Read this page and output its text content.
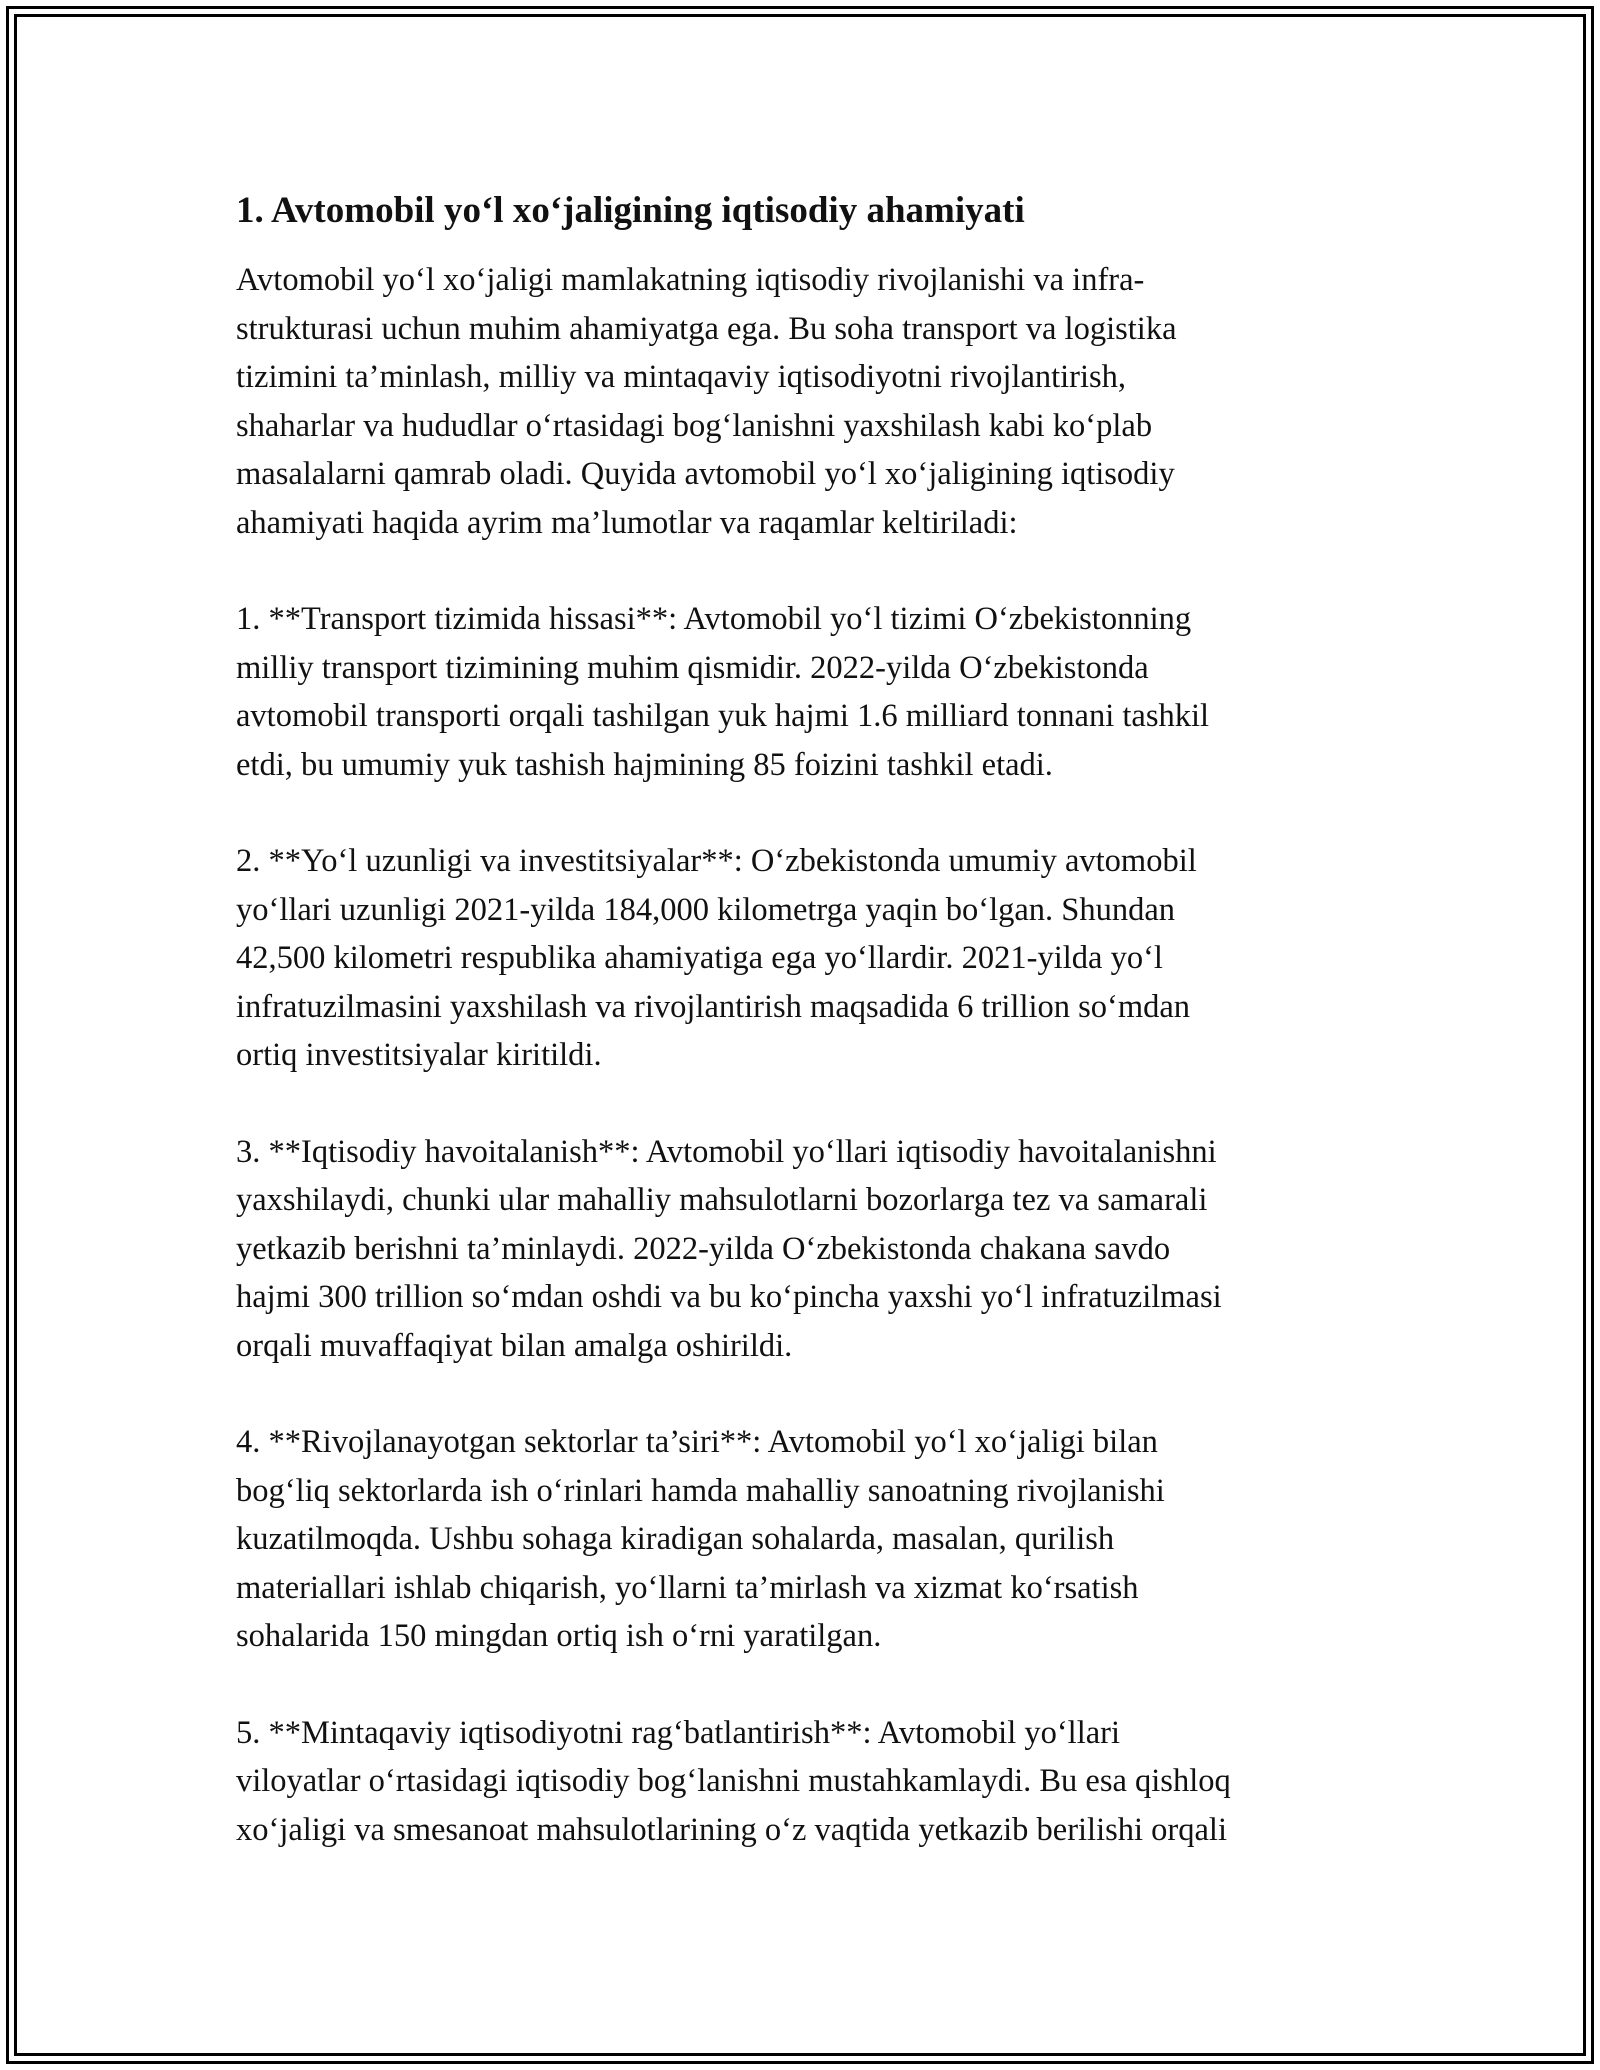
1. Avtomobil yo‘l xo‘jaligining iqtisodiy ahamiyati

Avtomobil yo‘l xo‘jaligi mamlakatning iqtisodiy rivojlanishi va infra-
strukturasi uchun muhim ahamiyatga ega. Bu soha transport va logistika
tizimini ta’minlash, milliy va mintaqaviy iqtisodiyotni rivojlantirish,
shaharlar va hududlar o‘rtasidagi bog‘lanishni yaxshilash kabi ko‘plab
masalalarni qamrab oladi. Quyida avtomobil yo‘l xo‘jaligining iqtisodiy
ahamiyati haqida ayrim ma’lumotlar va raqamlar keltiriladi:

1. **Transport tizimida hissasi**: Avtomobil yo‘l tizimi O‘zbekistonning
milliy transport tizimining muhim qismidir. 2022-yilda O‘zbekistonda
avtomobil transporti orqali tashilgan yuk hajmi 1.6 milliard tonnani tashkil
etdi, bu umumiy yuk tashish hajmining 85 foizini tashkil etadi.

2. **Yo‘l uzunligi va investitsiyalar**: O‘zbekistonda umumiy avtomobil
yo‘llari uzunligi 2021-yilda 184,000 kilometrga yaqin bo‘lgan. Shundan
42,500 kilometri respublika ahamiyatiga ega yo‘llardir. 2021-yilda yo‘l
infratuzilmasini yaxshilash va rivojlantirish maqsadida 6 trillion so‘mdan
ortiq investitsiyalar kiritildi.

3. **Iqtisodiy havoitalanish**: Avtomobil yo‘llari iqtisodiy havoitalanishni
yaxshilaydi, chunki ular mahalliy mahsulotlarni bozorlarga tez va samarali
yetkazib berishni ta’minlaydi. 2022-yilda O‘zbekistonda chakana savdo
hajmi 300 trillion so‘mdan oshdi va bu ko‘pincha yaxshi yo‘l infratuzilmasi
orqali muvaffaqiyat bilan amalga oshirildi.

4. **Rivojlanayotgan sektorlar ta’siri**: Avtomobil yo‘l xo‘jaligi bilan
bog‘liq sektorlarda ish o‘rinlari hamda mahalliy sanoatning rivojlanishi
kuzatilmoqda. Ushbu sohaga kiradigan sohalarda, masalan, qurilish
materiallari ishlab chiqarish, yo‘llarni ta’mirlash va xizmat ko‘rsatish
sohalarida 150 mingdan ortiq ish o‘rni yaratilgan.

5. **Mintaqaviy iqtisodiyotni rag‘batlantirish**: Avtomobil yo‘llari
viloyatlar o‘rtasidagi iqtisodiy bog‘lanishni mustahkamlaydi. Bu esa qishloq
xo‘jaligi va smesanoat mahsulotlarining o‘z vaqtida yetkazib berilishi orqali
